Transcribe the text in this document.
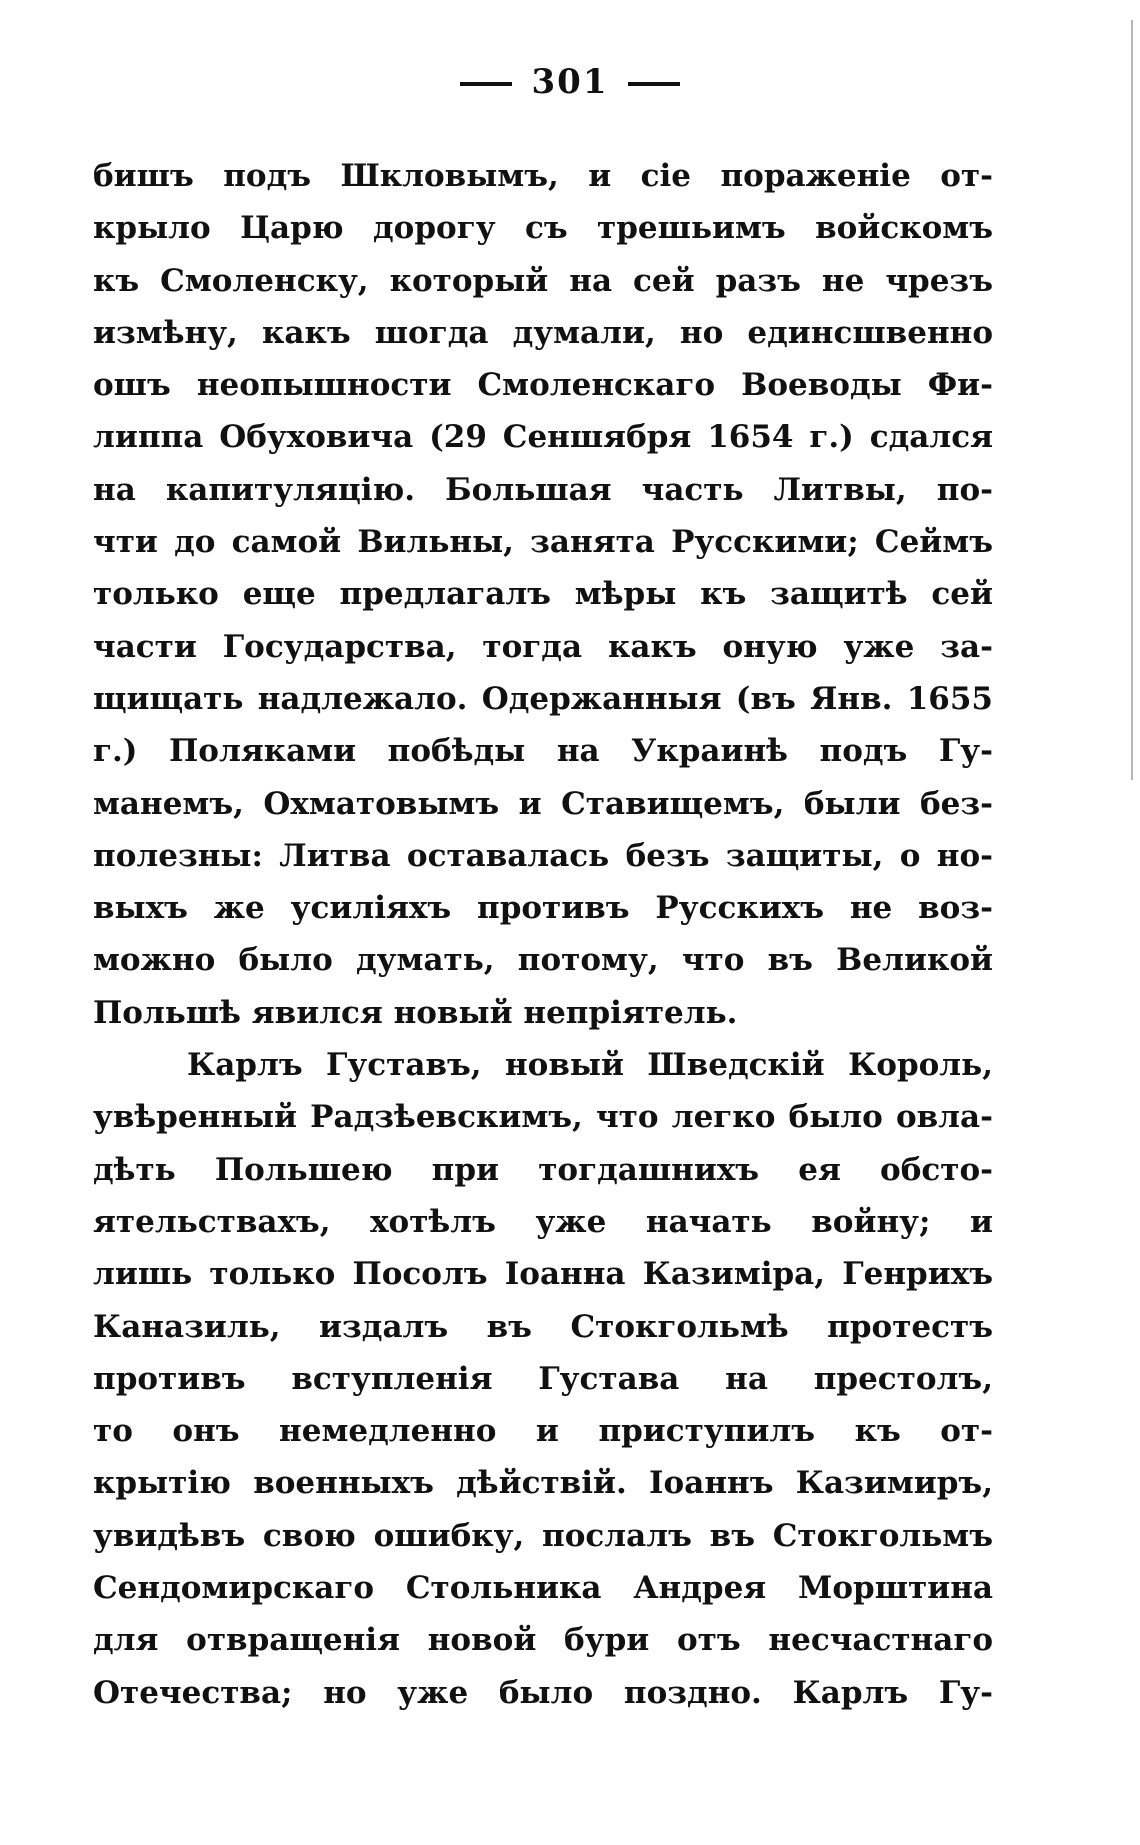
301
бишъ подъ Шкловымъ, и сіе пораженіе от-
крыло Царю дорогу съ трешьимъ войскомъ
къ Смоленску, который на сей разъ не чрезъ
измѣну, какъ шогда думали, но единсшвенно
ошъ неопышности Смоленскаго Воеводы Фи-
липпа Обуховича (29 Сеншября 1654 г.) сдался
на капитуляцію. Большая часть Литвы, по-
чти до самой Вильны, занята Русскими; Сеймъ
только еще предлагалъ мѣры къ защитѣ сей
части Государства, тогда какъ оную уже за-
щищать надлежало. Одержанныя (въ Янв. 1655
г.) Поляками побѣды на Украинѣ подъ Гу-
манемъ, Охматовымъ и Ставищемъ, были без-
полезны: Литва оставалась безъ защиты, о но-
выхъ же усиліяхъ противъ Русскихъ не воз-
можно было думать, потому, что въ Великой
Польшѣ явился новый непріятель.
Карлъ Густавъ, новый Шведскій Король,
увѣренный Радзѣевскимъ, что легко было овла-
дѣть Польшею при тогдашнихъ ея обсто-
ятельствахъ, хотѣлъ уже начать войну; и
лишь только Посолъ Іоанна Казиміра, Генрихъ
Каназиль, издалъ въ Стокгольмѣ протестъ
противъ вступленія Густава на престолъ,
то онъ немедленно и приступилъ къ от-
крытію военныхъ дѣйствій. Іоаннъ Казимиръ,
увидѣвъ свою ошибку, послалъ въ Стокгольмъ
Сендомирскаго Стольника Андрея Морштина
для отвращенія новой бури отъ несчастнаго
Отечества; но уже было поздно. Карлъ Гу-
